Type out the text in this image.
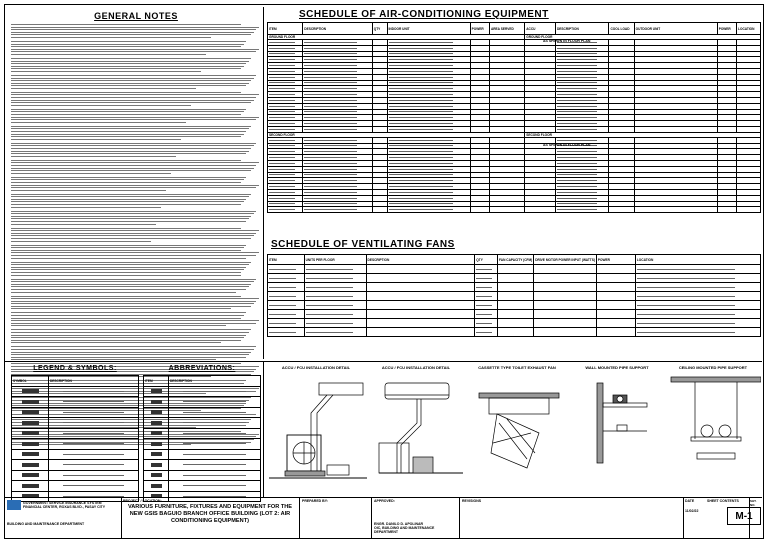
GENERAL NOTES	SCHEDULE OF AIR-CONDITIONING EQUIPMENT
ITEM	DESCRIPTION	QTY	INDOOR UNIT	POWER	AREA SERVED	ACCU	DESCRIPTION	COOL LOAD	OUTDOOR UNIT	POWER	LOCATION
GROUND FLOOR						GROUND FLOOR					

SECOND FLOOR						SECOND FLOOR					

AS SHOWN IN FLOOR PLAN
AS SHOWN IN FLOOR PLAN
SCHEDULE OF VENTILATING FANS
ITEM	UNITS PER FLOOR	DESCRIPTION	QTY	FAN CAPACITY (CFM)	DRIVE MOTOR POWER INPUT (WATTS)	POWER	LOCATION

LEGEND & SYMBOLS:
SYMBOL	DESCRIPTION

ABBREVIATIONS:
ITEM	DESCRIPTION

ACCU / FCU INSTALLATION DETAIL	ACCU / FCU INSTALLATION DETAIL	CASSETTE TYPE TOILET EXHAUST FAN	WALL MOUNTED PIPE SUPPORT	CEILING MOUNTED PIPE SUPPORT
GOVERNMENT SERVICE INSURANCE SYSTEM
FINANCIAL CENTER, ROXAS BLVD., PASAY CITY
BUILDING AND MAINTENANCE DEPARTMENT
PROJECT / LOCATION:
VARIOUS FURNITURE, FIXTURES AND EQUIPMENT FOR THE NEW GSIS BAGUIO BRANCH OFFICE BUILDING (LOT 2: AIR CONDITIONING EQUIPMENT)
PREPARED BY:	APPROVED:
ENGR. DANILO D. APOLINAR
OIC, BUILDING AND MAINTENANCE DEPARTMENT
REVISIONS	DATE
11/02/22
SHEET CONTENTS	SHT. NO.
M-1
